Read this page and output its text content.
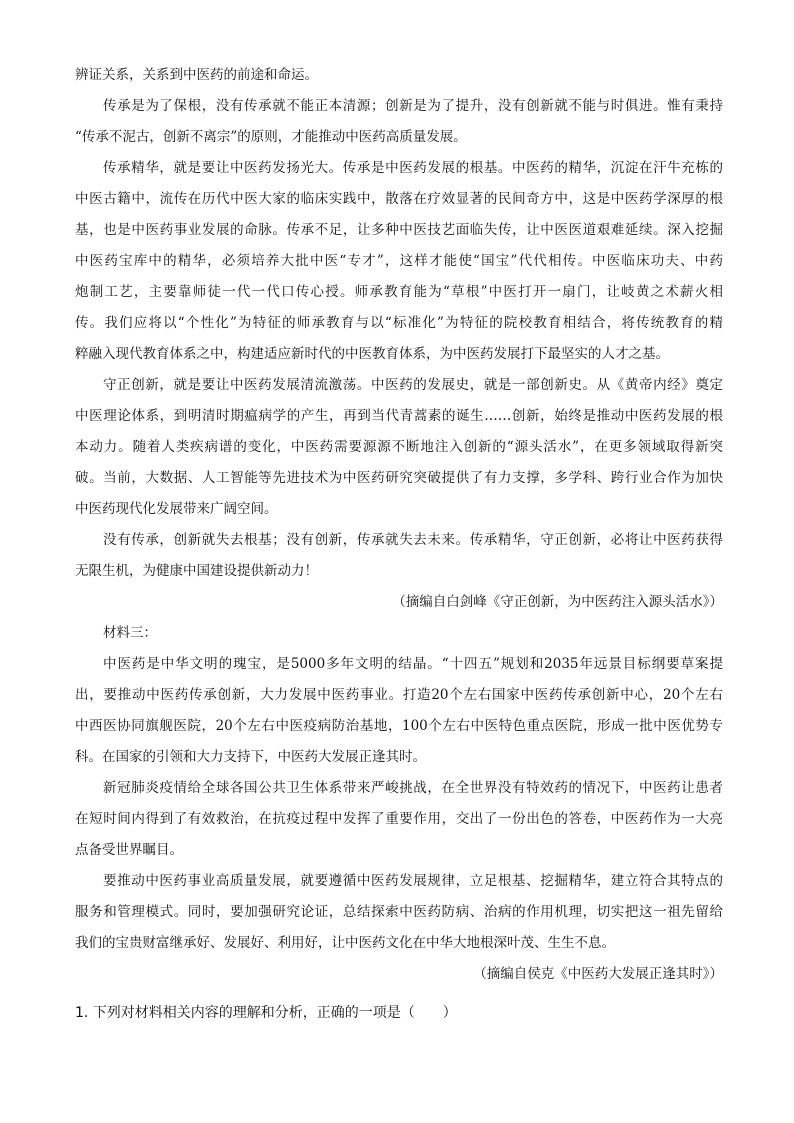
辨证关系，关系到中医药的前途和命运。
传承是为了保根，没有传承就不能正本清源；创新是为了提升，没有创新就不能与时俱进。惟有秉持
“传承不泥古，创新不离宗”的原则，才能推动中医药高质量发展。
传承精华，就是要让中医药发扬光大。传承是中医药发展的根基。中医药的精华，沉淀在汗牛充栋的
中医古籍中，流传在历代中医大家的临床实践中，散落在疗效显著的民间奇方中，这是中医药学深厚的根
基，也是中医药事业发展的命脉。传承不足，让多种中医技艺面临失传，让中医医道艰难延续。深入挖掘
中医药宝库中的精华，必须培养大批中医“专才”，这样才能使“国宝”代代相传。中医临床功夫、中药
炮制工艺，主要靠师徒一代一代口传心授。师承教育能为“草根”中医打开一扇门，让岐黄之术薪火相
传。我们应将以“个性化”为特征的师承教育与以“标准化”为特征的院校教育相结合，将传统教育的精
粹融入现代教育体系之中，构建适应新时代的中医教育体系，为中医药发展打下最坚实的人才之基。
守正创新，就是要让中医药发展清流激荡。中医药的发展史，就是一部创新史。从《黄帝内经》奠定
中医理论体系，到明清时期瘟病学的产生，再到当代青蒿素的诞生……创新，始终是推动中医药发展的根
本动力。随着人类疾病谱的变化，中医药需要源源不断地注入创新的“源头活水”，在更多领域取得新突
破。当前，大数据、人工智能等先进技术为中医药研究突破提供了有力支撑，多学科、跨行业合作为加快
中医药现代化发展带来广阔空间。
没有传承，创新就失去根基；没有创新，传承就失去未来。传承精华，守正创新，必将让中医药获得
无限生机，为健康中国建设提供新动力！
（摘编自白剑峰《守正创新，为中医药注入源头活水》）
材料三：
中医药是中华文明的瑰宝，是5000多年文明的结晶。“十四五”规划和2035年远景目标纲要草案提
出，要推动中医药传承创新，大力发展中医药事业。打造20个左右国家中医药传承创新中心，20个左右
中西医协同旗舰医院，20个左右中医疫病防治基地，100个左右中医特色重点医院，形成一批中医优势专
科。在国家的引领和大力支持下，中医药大发展正逢其时。
新冠肺炎疫情给全球各国公共卫生体系带来严峻挑战，在全世界没有特效药的情况下，中医药让患者
在短时间内得到了有效救治，在抗疫过程中发挥了重要作用，交出了一份出色的答卷，中医药作为一大亮
点备受世界瞩目。
要推动中医药事业高质量发展，就要遵循中医药发展规律，立足根基、挖掘精华，建立符合其特点的
服务和管理模式。同时，要加强研究论证，总结探索中医药防病、治病的作用机理，切实把这一祖先留给
我们的宝贵财富继承好、发展好、利用好，让中医药文化在中华大地根深叶茂、生生不息。
（摘编自侯克《中医药大发展正逢其时》）
1. 下列对材料相关内容的理解和分析，正确的一项是（　　）
